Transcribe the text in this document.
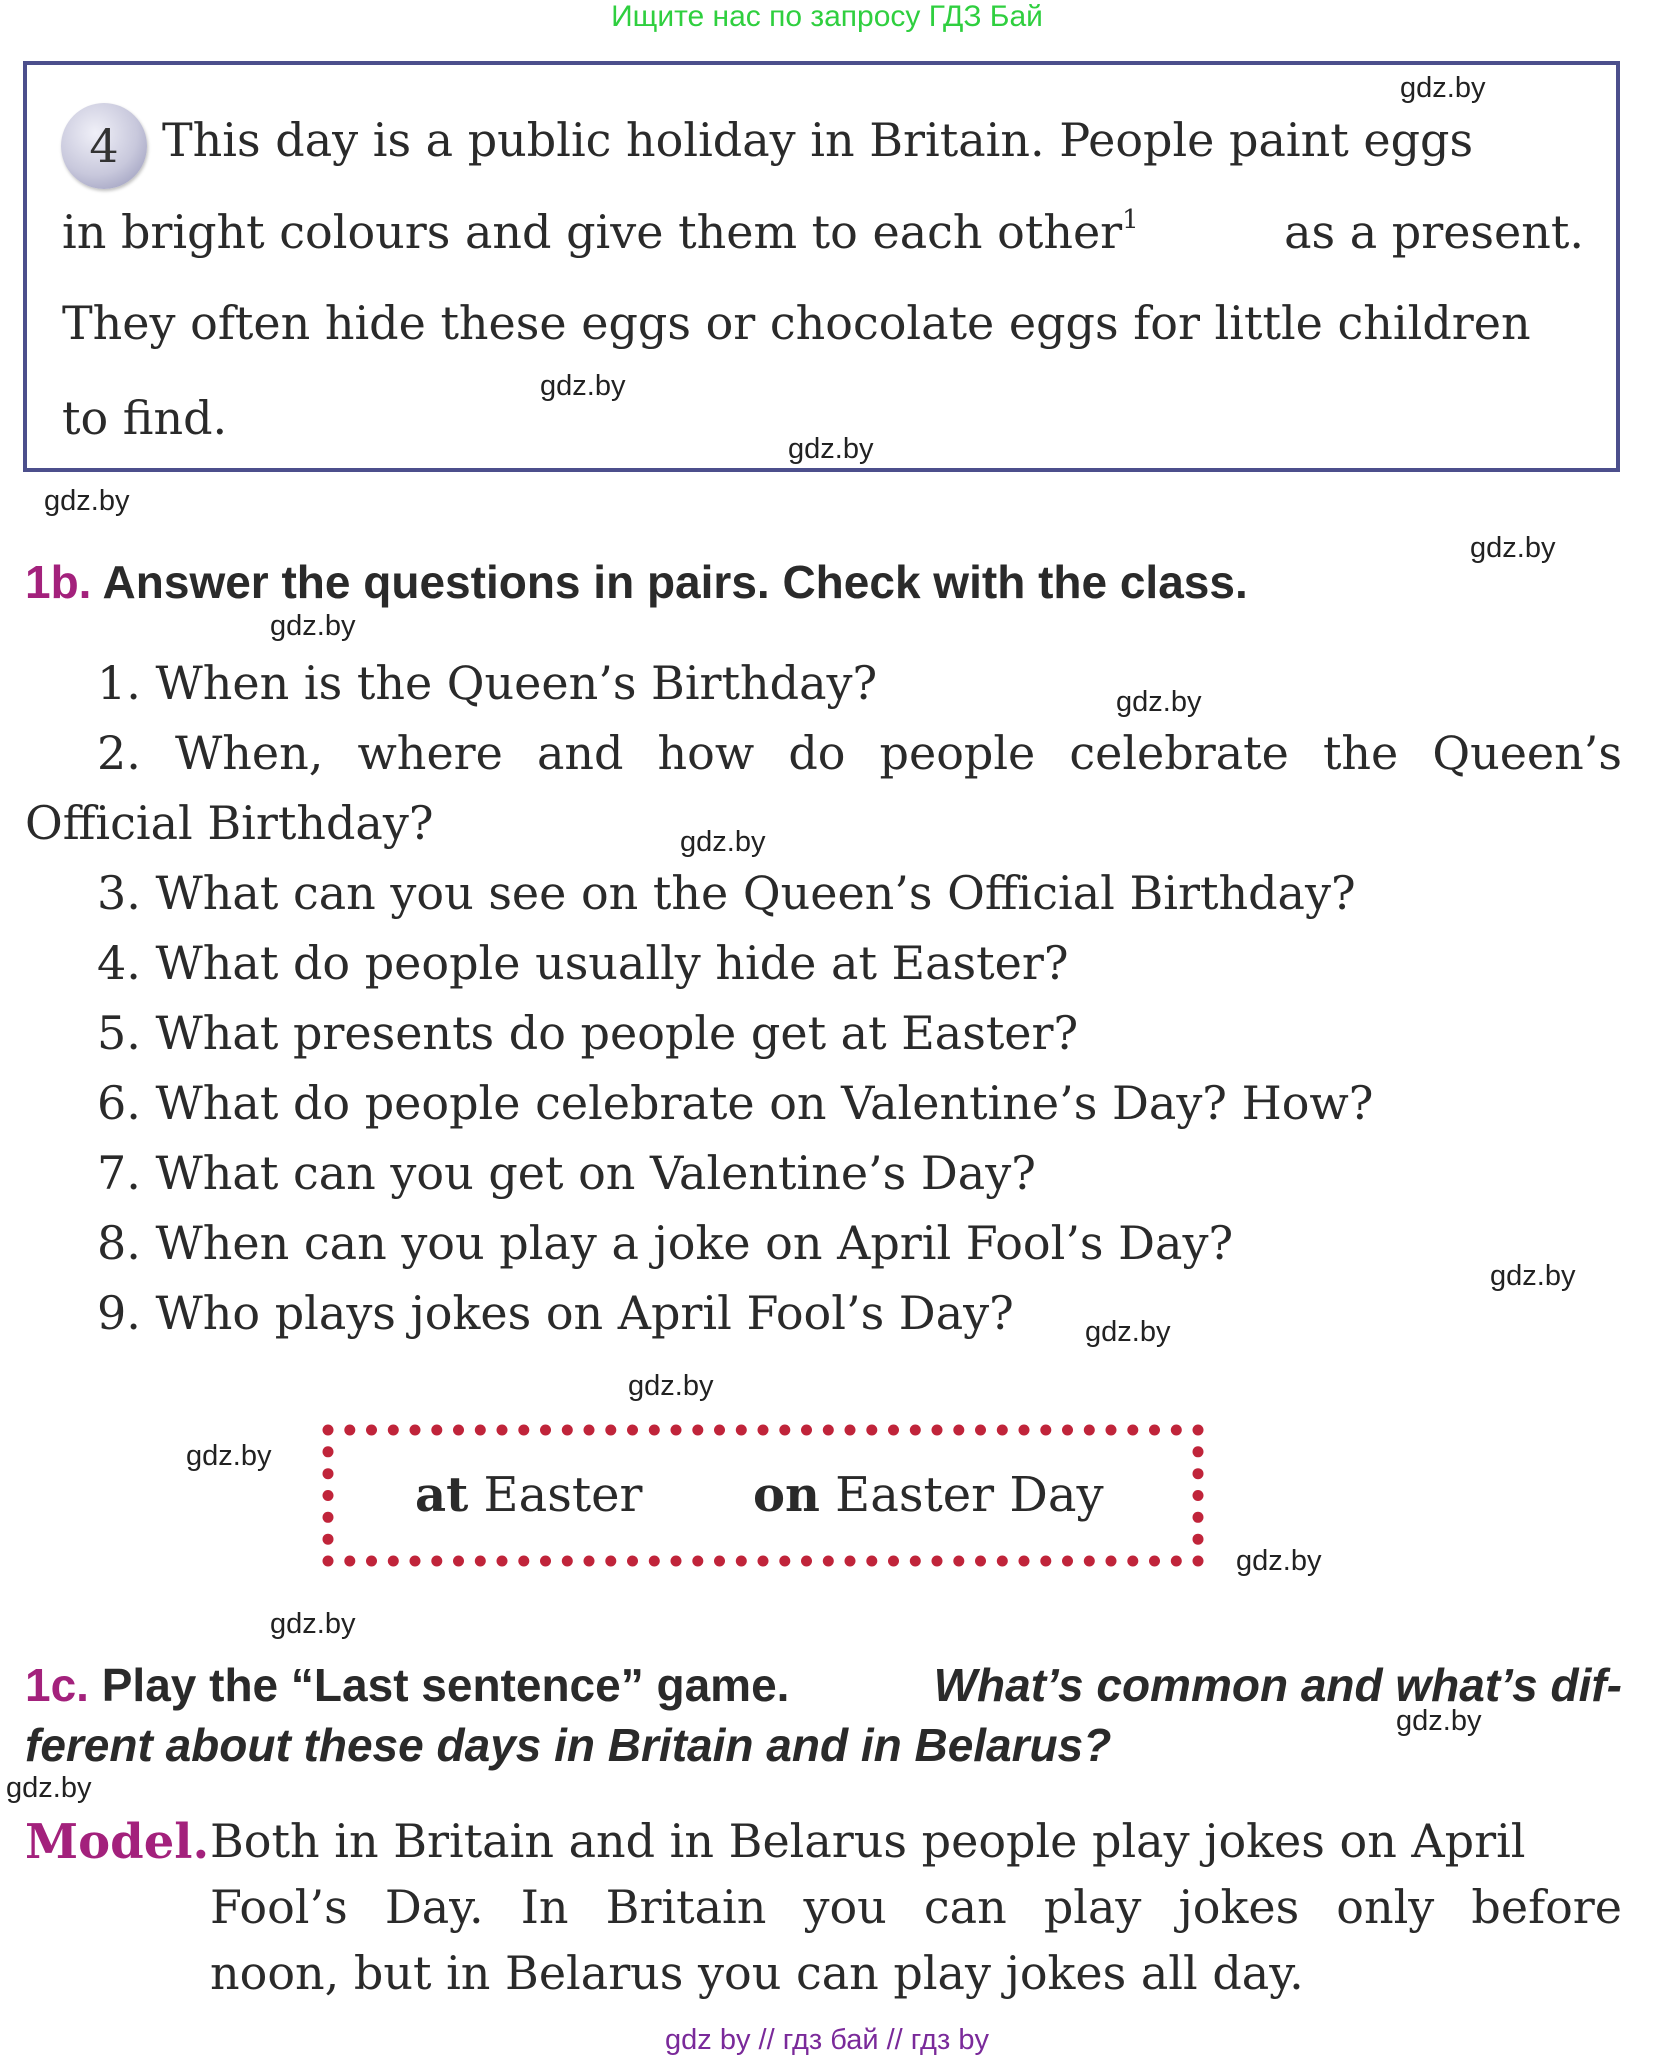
Ищите нас по запросу ГДЗ Бай
4 This day is a public holiday in Britain. People paint eggs
in bright colours and give them to each other$^1$	as a present.
They often hide these eggs or chocolate eggs for little children
to find.
1b. Answer the questions in pairs. Check with the class.
1. When is the Queen’s Birthday?
2. When, where and how do people celebrate the Queen’s
Official Birthday?
3. What can you see on the Queen’s Official Birthday?
4. What do people usually hide at Easter?
5. What presents do people get at Easter?
6. What do people celebrate on Valentine’s Day? How?
7. What can you get on Valentine’s Day?
8. When can you play a joke on April Fool’s Day?
9. Who plays jokes on April Fool’s Day?
at Easter on Easter Day
1c. Play the “Last sentence” game.	What’s common and what’s dif-
ferent about these days in Britain and in Belarus?
Model. Both in Britain and in Belarus people play jokes on April
Fool’s Day. In Britain you can play jokes only before
noon, but in Belarus you can play jokes all day.
gdz.by
gdz.by
gdz.by
gdz.by
gdz.by
gdz.by
gdz.by
gdz.by
gdz.by
gdz.by
gdz.by
gdz.by
gdz.by
gdz.by
gdz.by
gdz.by
gdz by // гдз бай // гдз by
